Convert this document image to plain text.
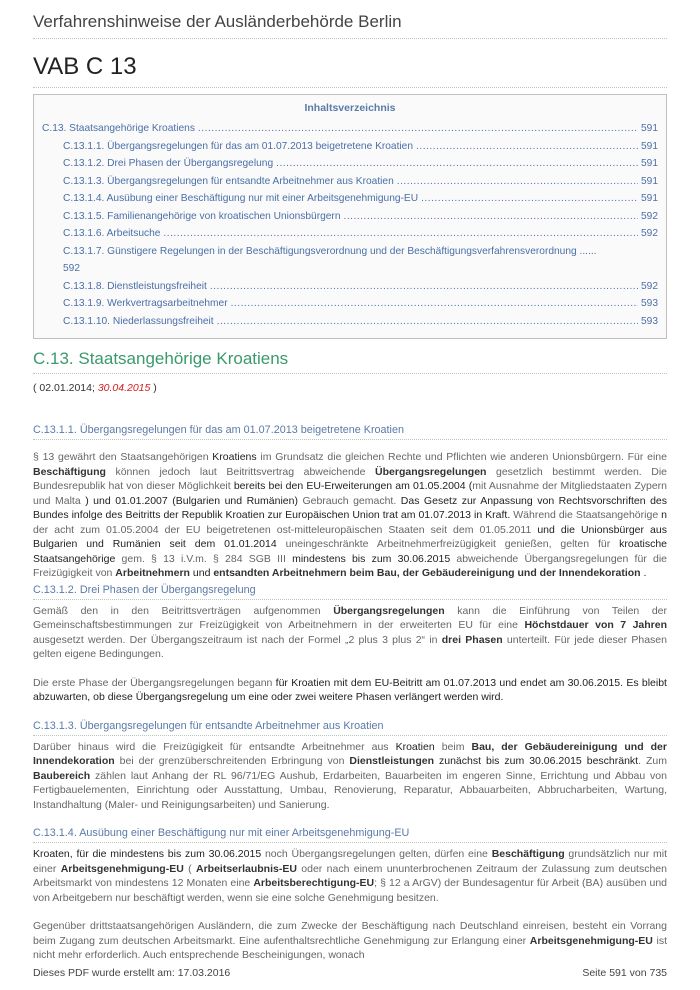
Verfahrenshinweise der Ausländerbehörde Berlin
VAB C 13
Inhaltsverzeichnis
C.13. Staatsangehörige Kroatiens .....	591
C.13.1.1. Übergangsregelungen für das am 01.07.2013 beigetretene Kroatien .....	591
C.13.1.2. Drei Phasen der Übergangsregelung .....	591
C.13.1.3. Übergangsregelungen für entsandte Arbeitnehmer aus Kroatien .....	591
C.13.1.4. Ausübung einer Beschäftigung nur mit einer Arbeitsgenehmigung-EU .....	591
C.13.1.5. Familienangehörige von kroatischen Unionsbürgern .....	592
C.13.1.6. Arbeitsuche .....	592
C.13.1.7. Günstigere Regelungen in der Beschäftigungsverordnung und der Beschäftigungsverfahrensverordnung ......
592
C.13.1.8. Dienstleistungsfreiheit .....	592
C.13.1.9. Werkvertragsarbeitnehmer .....	593
C.13.1.10. Niederlassungsfreiheit .....	593
C.13. Staatsangehörige Kroatiens
( 02.01.2014; 30.04.2015 )
C.13.1.1. Übergangsregelungen für das am 01.07.2013 beigetretene Kroatien
§ 13 gewährt den Staatsangehörigen Kroatiens im Grundsatz die gleichen Rechte und Pflichten wie anderen Unionsbürgern. Für eine Beschäftigung können jedoch laut Beitrittsvertrag abweichende Übergangsregelungen gesetzlich bestimmt werden. Die Bundesrepublik hat von dieser Möglichkeit bereits bei den EU-Erweiterungen am 01.05.2004 (mit Ausnahme der Mitgliedstaaten Zypern und Malta ) und 01.01.2007 (Bulgarien und Rumänien) Gebrauch gemacht. Das Gesetz zur Anpassung von Rechtsvorschriften des Bundes infolge des Beitritts der Republik Kroatien zur Europäischen Union trat am 01.07.2013 in Kraft. Während die Staatsangehörige n der acht zum 01.05.2004 der EU beigetretenen ost-mitteleuropäischen Staaten seit dem 01.05.2011 und die Unionsbürger aus Bulgarien und Rumänien seit dem 01.01.2014 uneingeschränkte Arbeitnehmerfreizügigkeit genießen, gelten für kroatische Staatsangehörige gem. § 13 i.V.m. § 284 SGB III mindestens bis zum 30.06.2015 abweichende Übergangsregelungen für die Freizügigkeit von Arbeitnehmern und entsandten Arbeitnehmern beim Bau, der Gebäudereinigung und der Innendekoration .
C.13.1.2. Drei Phasen der Übergangsregelung
Gemäß den in den Beitrittsverträgen aufgenommen Übergangsregelungen kann die Einführung von Teilen der Gemeinschaftsbestimmungen zur Freizügigkeit von Arbeitnehmern in der erweiterten EU für eine Höchstdauer von 7 Jahren ausgesetzt werden. Der Übergangszeitraum ist nach der Formel „2 plus 3 plus 2“ in drei Phasen unterteilt. Für jede dieser Phasen gelten eigene Bedingungen.
Die erste Phase der Übergangsregelungen begann für Kroatien mit dem EU-Beitritt am 01.07.2013 und endet am 30.06.2015. Es bleibt abzuwarten, ob diese Übergangsregelung um eine oder zwei weitere Phasen verlängert werden wird.
C.13.1.3. Übergangsregelungen für entsandte Arbeitnehmer aus Kroatien
Darüber hinaus wird die Freizügigkeit für entsandte Arbeitnehmer aus Kroatien beim Bau, der Gebäudereinigung und der Innendekoration bei der grenzüberschreitenden Erbringung von Dienstleistungen zunächst bis zum 30.06.2015 beschränkt. Zum Baubereich zählen laut Anhang der RL 96/71/EG Aushub, Erdarbeiten, Bauarbeiten im engeren Sinne, Errichtung und Abbau von Fertigbauelementen, Einrichtung oder Ausstattung, Umbau, Renovierung, Reparatur, Abbauarbeiten, Abbrucharbeiten, Wartung, Instandhaltung (Maler- und Reinigungsarbeiten) und Sanierung.
C.13.1.4. Ausübung einer Beschäftigung nur mit einer Arbeitsgenehmigung-EU
Kroaten, für die mindestens bis zum 30.06.2015 noch Übergangsregelungen gelten, dürfen eine Beschäftigung grundsätzlich nur mit einer Arbeitsgenehmigung-EU ( Arbeitserlaubnis-EU oder nach einem ununterbrochenen Zeitraum der Zulassung zum deutschen Arbeitsmarkt von mindestens 12 Monaten eine Arbeitsberechtigung-EU; § 12 a ArGV) der Bundesagentur für Arbeit (BA) ausüben und von Arbeitgebern nur beschäftigt werden, wenn sie eine solche Genehmigung besitzen.
Gegenüber drittstaatsangehörigen Ausländern, die zum Zwecke der Beschäftigung nach Deutschland einreisen, besteht ein Vorrang beim Zugang zum deutschen Arbeitsmarkt. Eine aufenthaltsrechtliche Genehmigung zur Erlangung einer Arbeitsgenehmigung-EU ist nicht mehr erforderlich. Auch entsprechende Bescheinigungen, wonach
Dieses PDF wurde erstellt am: 17.03.2016	Seite 591 von 735
